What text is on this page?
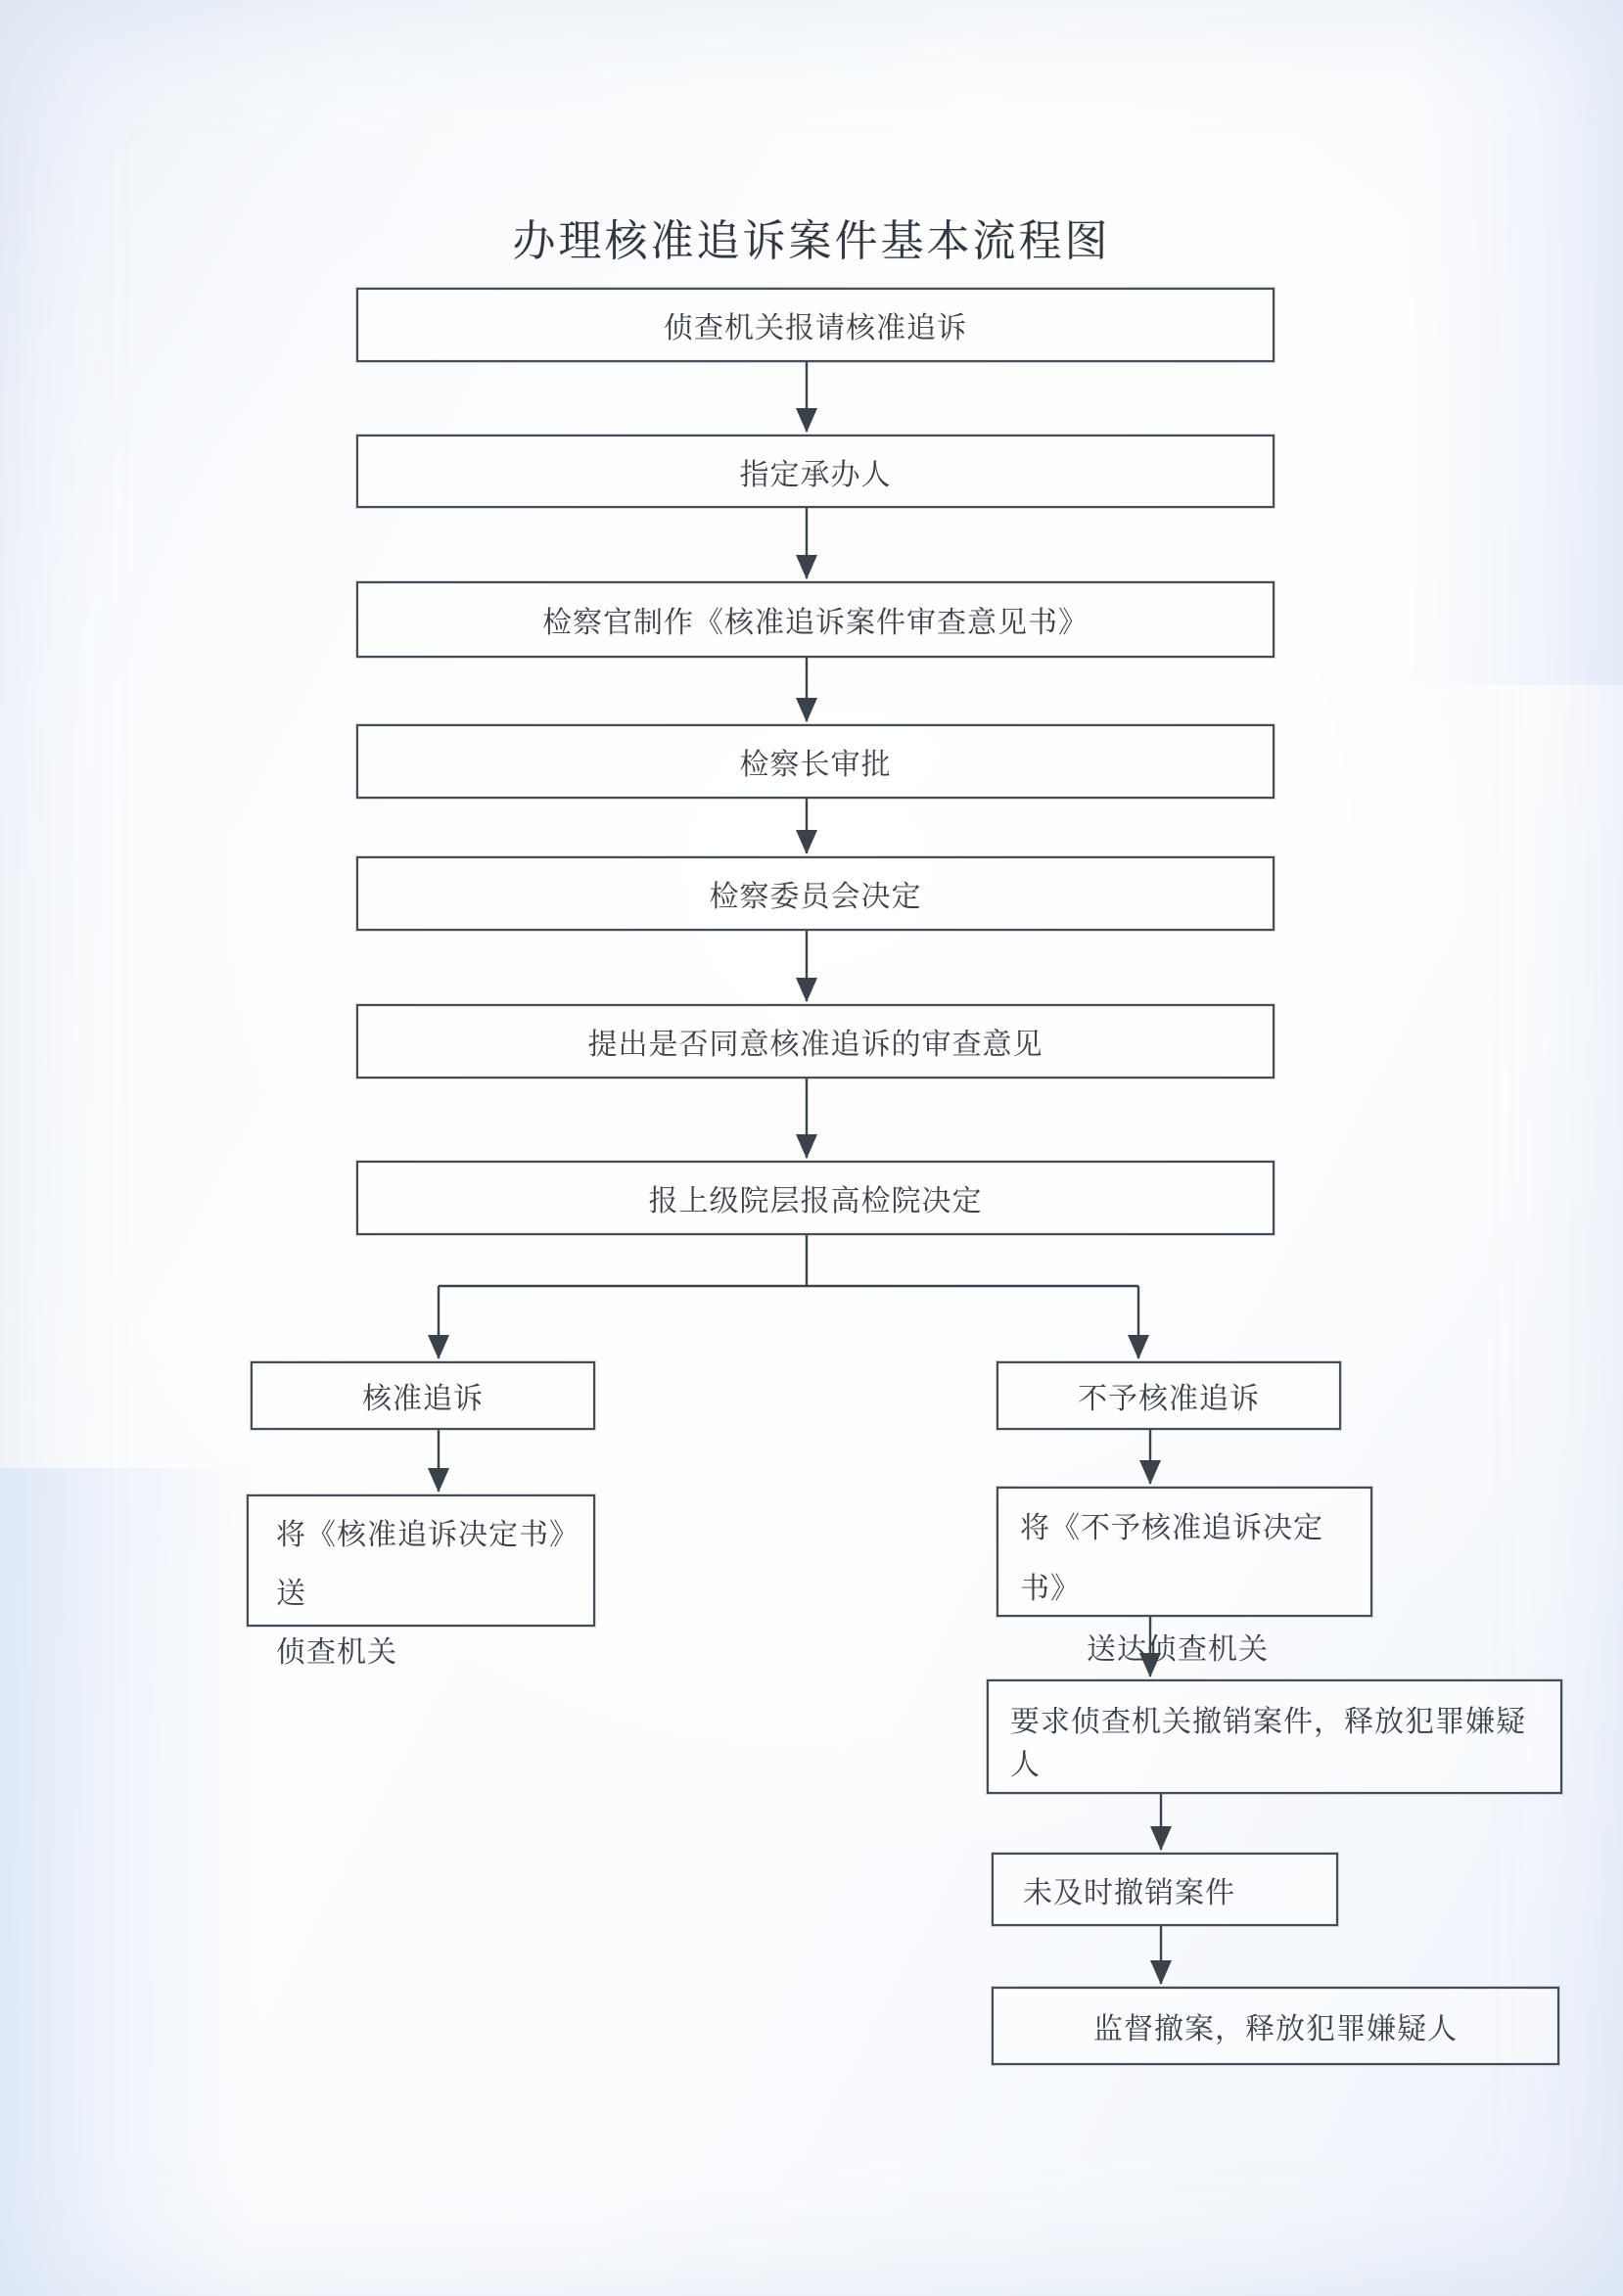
办理核准追诉案件基本流程图
侦查机关报请核准追诉
指定承办人
检察官制作《核准追诉案件审查意见书》
检察长审批
检察委员会决定
提出是否同意核准追诉的审查意见
报上级院层报高检院决定
核准追诉
将《核准追诉决定书》送
侦查机关
不予核准追诉
将《不予核准追诉决定书》
送达侦查机关
要求侦查机关撤销案件，释放犯罪嫌疑人
未及时撤销案件
监督撤案，释放犯罪嫌疑人
